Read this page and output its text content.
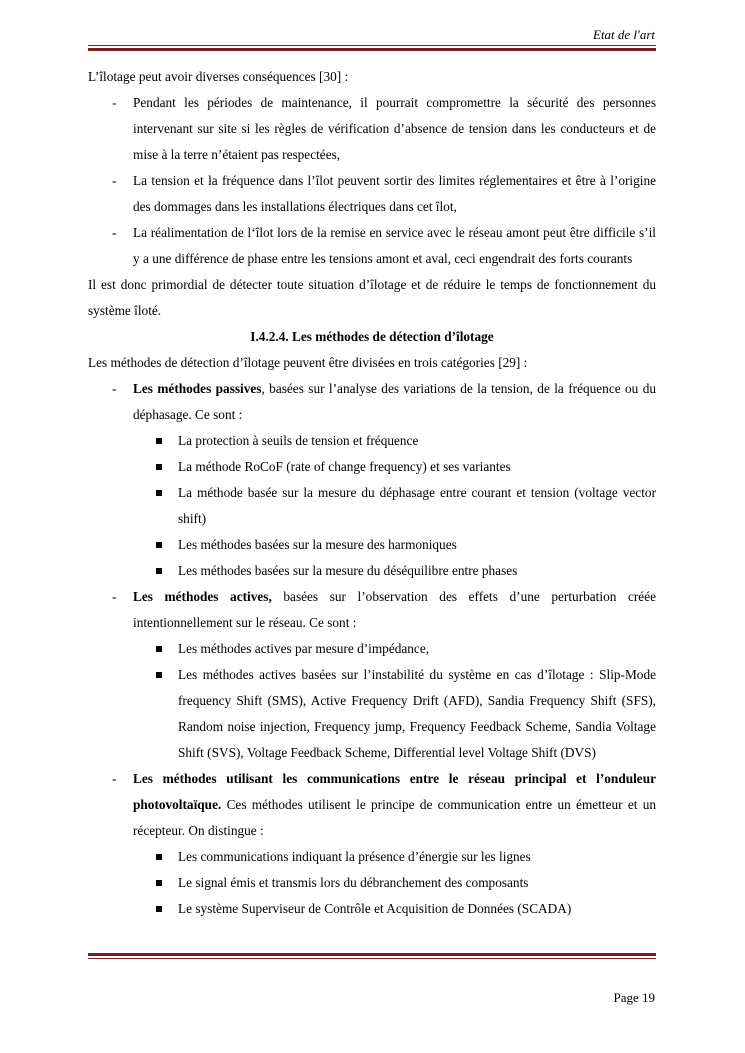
Etat de l'art

L’îlotage peut avoir diverses conséquences [30] :

- Pendant les périodes de maintenance, il pourrait compromettre la sécurité des personnes intervenant sur site si les règles de vérification d’absence de tension dans les conducteurs et de mise à la terre n’étaient pas respectées,

- La tension et la fréquence dans l’îlot peuvent sortir des limites réglementaires et être à l’origine des dommages dans les installations électriques dans cet îlot,

- La réalimentation de l‘îlot lors de la remise en service avec le réseau amont peut être difficile s’il y a une différence de phase entre les tensions amont et aval, ceci engendrait des forts courants

Il est donc primordial de détecter toute situation d’îlotage et de réduire le temps de fonctionnement du système îloté.

I.4.2.4. Les méthodes de détection d’îlotage

Les méthodes de détection d’îlotage peuvent être divisées en trois catégories [29] :

- Les méthodes passives, basées sur l’analyse des variations de la tension, de la fréquence ou du déphasage. Ce sont :

La protection à seuils de tension et fréquence

La méthode RoCoF (rate of change frequency) et ses variantes

La méthode basée sur la mesure du déphasage entre courant et tension (voltage vector shift)

Les méthodes basées sur la mesure des harmoniques

Les méthodes basées sur la mesure du déséquilibre entre phases

- Les méthodes actives, basées sur l’observation des effets d’une perturbation créée intentionnellement sur le réseau. Ce sont :

Les méthodes actives par mesure d’impédance,

Les méthodes actives basées sur l’instabilité du système en cas d’îlotage : Slip-Mode frequency Shift (SMS), Active Frequency Drift (AFD), Sandia Frequency Shift (SFS), Random noise injection, Frequency jump, Frequency Feedback Scheme, Sandia Voltage Shift (SVS), Voltage Feedback Scheme, Differential level Voltage Shift (DVS)

- Les méthodes utilisant les communications entre le réseau principal et l’onduleur photovoltaïque. Ces méthodes utilisent le principe de communication entre un émetteur et un récepteur. On distingue :

Les communications indiquant la présence d’énergie sur les lignes

Le signal émis et transmis lors du débranchement des composants

Le système Superviseur de Contrôle et Acquisition de Données (SCADA)

Page 19
